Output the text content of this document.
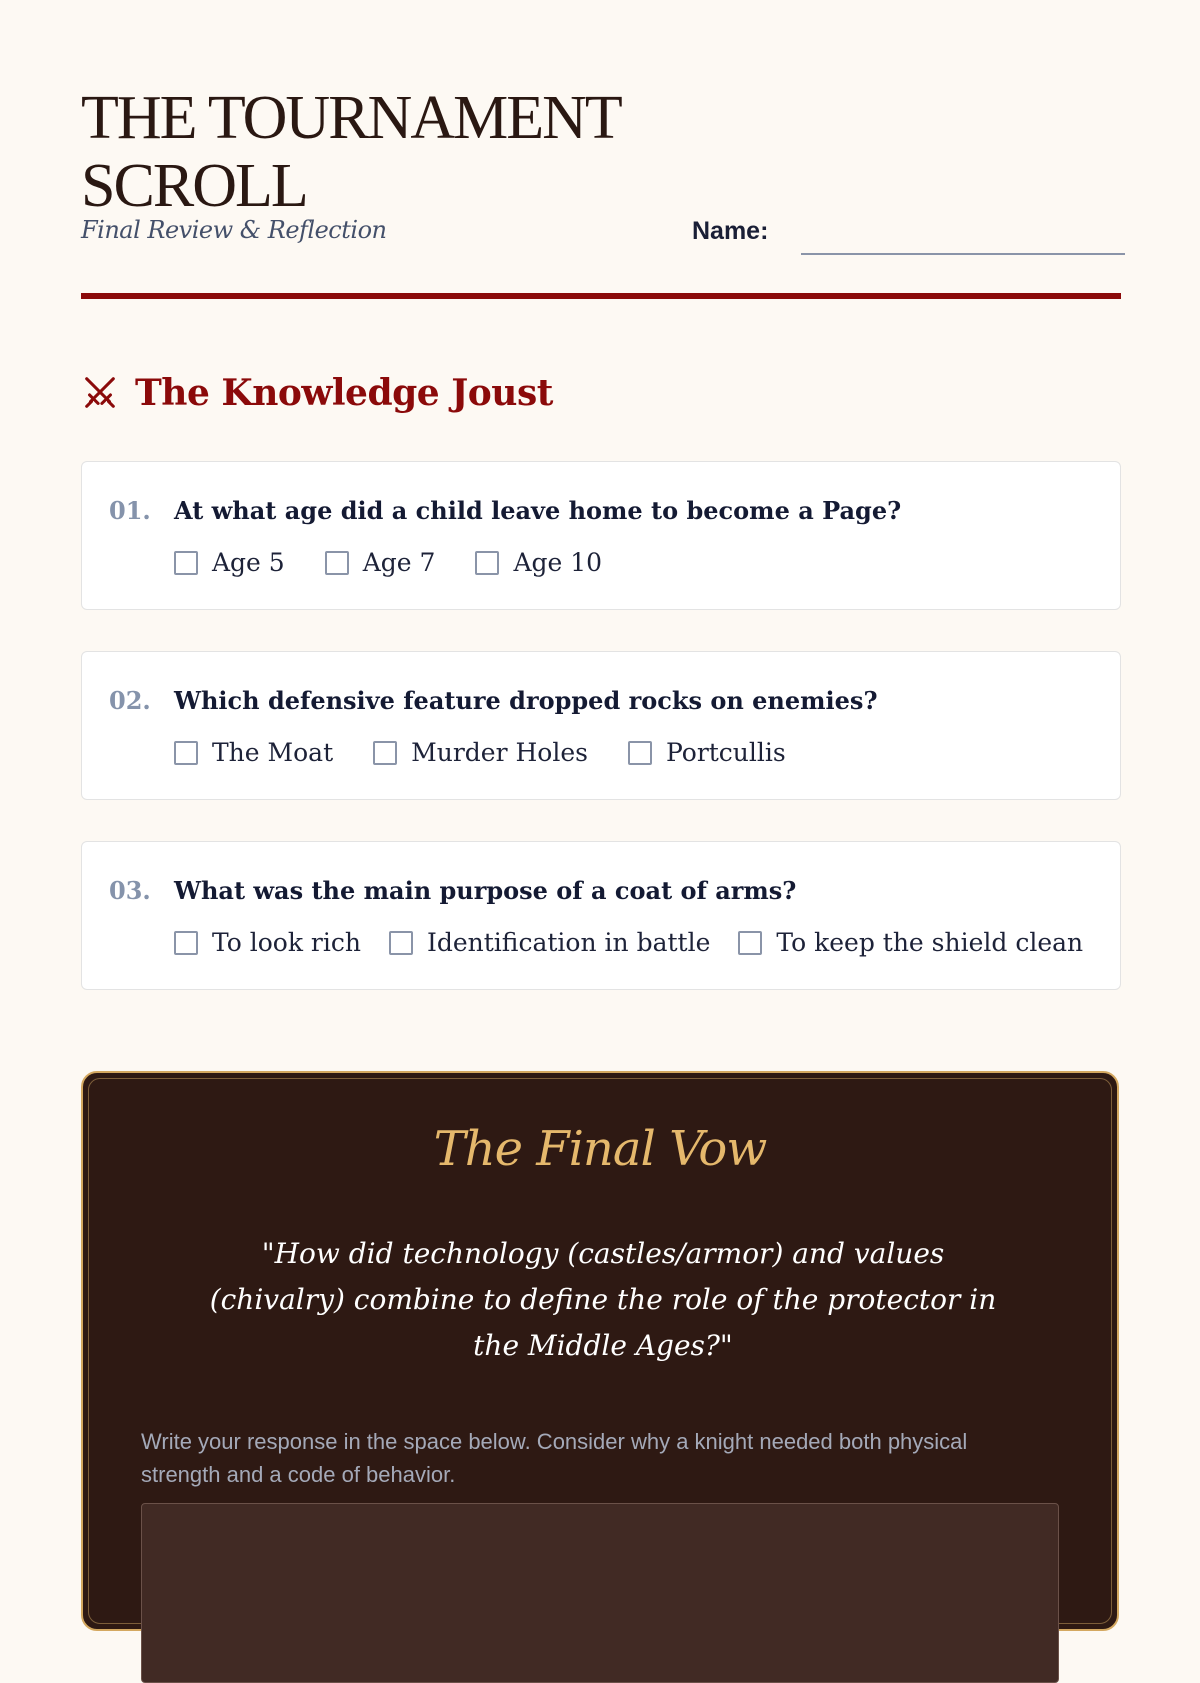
THE TOURNAMENT SCROLL
Final Review & Reflection	Name:
The Knowledge Joust
01. At what age did a child leave home to become a Page?
Age 5	Age 7	Age 10
02. Which defensive feature dropped rocks on enemies?
The Moat	Murder Holes	Portcullis
03. What was the main purpose of a coat of arms?
To look rich	Identification in battle	To keep the shield clean
The Final Vow
"How did technology (castles/armor) and values (chivalry) combine to define the role of the protector in the Middle Ages?"
Write your response in the space below. Consider why a knight needed both physical strength and a code of behavior.
